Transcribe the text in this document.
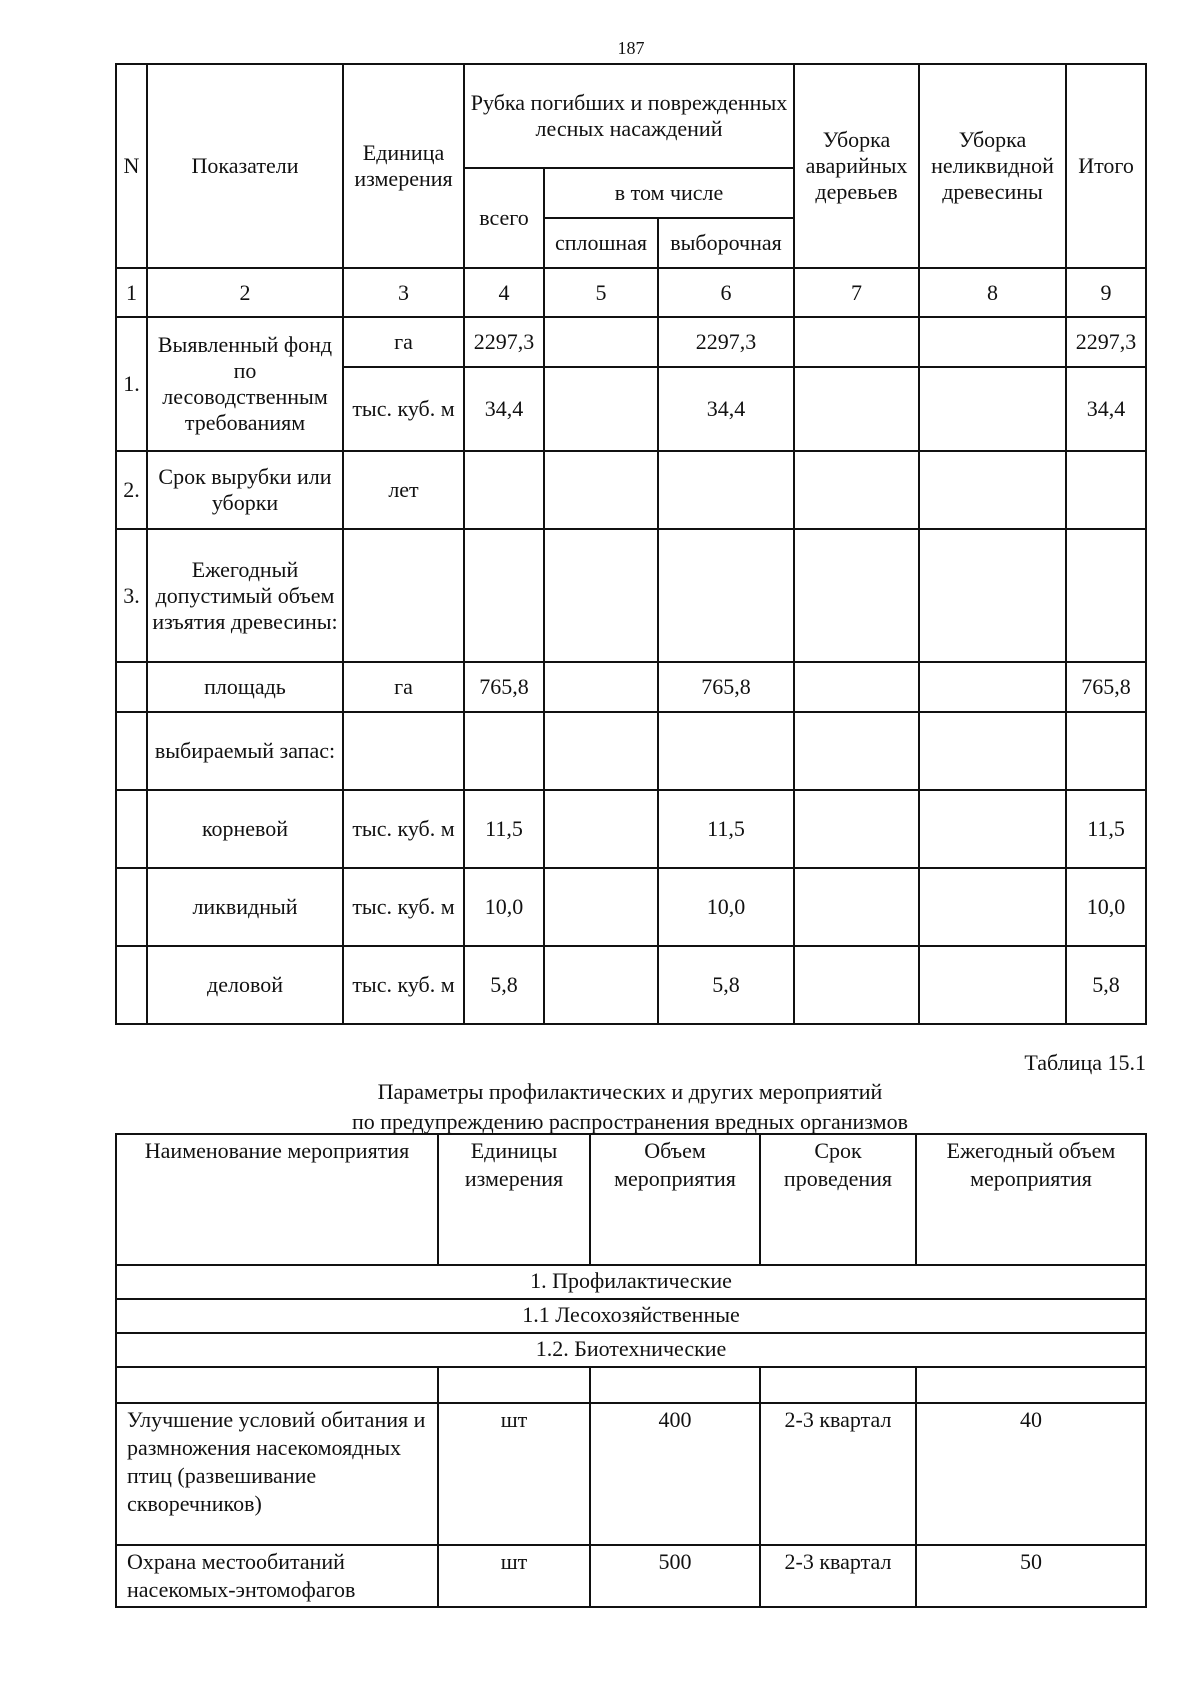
187
N	Показатели	Единица измерения	Рубка погибших и поврежденных лесных насаждений			Уборка аварийных деревьев	Уборка неликвидной древесины	Итого
			всего	в том числе				
				сплошная	выборочная			
1	2	3	4	5	6	7	8	9
1.	Выявленный фонд по лесоводственным требованиям	га	2297,3		2297,3			2297,3
		тыс. куб. м	34,4		34,4			34,4
2.	Срок вырубки или уборки	лет						
3.	Ежегодный допустимый объем изъятия древесины:							
	площадь	га	765,8		765,8			765,8
	выбираемый запас:							
	корневой	тыс. куб. м	11,5		11,5			11,5
	ликвидный	тыс. куб. м	10,0		10,0			10,0
	деловой	тыс. куб. м	5,8		5,8			5,8
Таблица 15.1
Параметры профилактических и других мероприятий
по предупреждению распространения вредных организмов
Наименование мероприятия	Единицы измерения	Объем мероприятия	Срок проведения	Ежегодный объем мероприятия
1. Профилактические				
1.1 Лесохозяйственные				
1.2. Биотехнические				

Улучшение условий обитания и размножения насекомоядных птиц (развешивание скворечников)	шт	400	2-3 квартал	40
Охрана местообитаний насекомых-энтомофагов	шт	500	2-3 квартал	50
